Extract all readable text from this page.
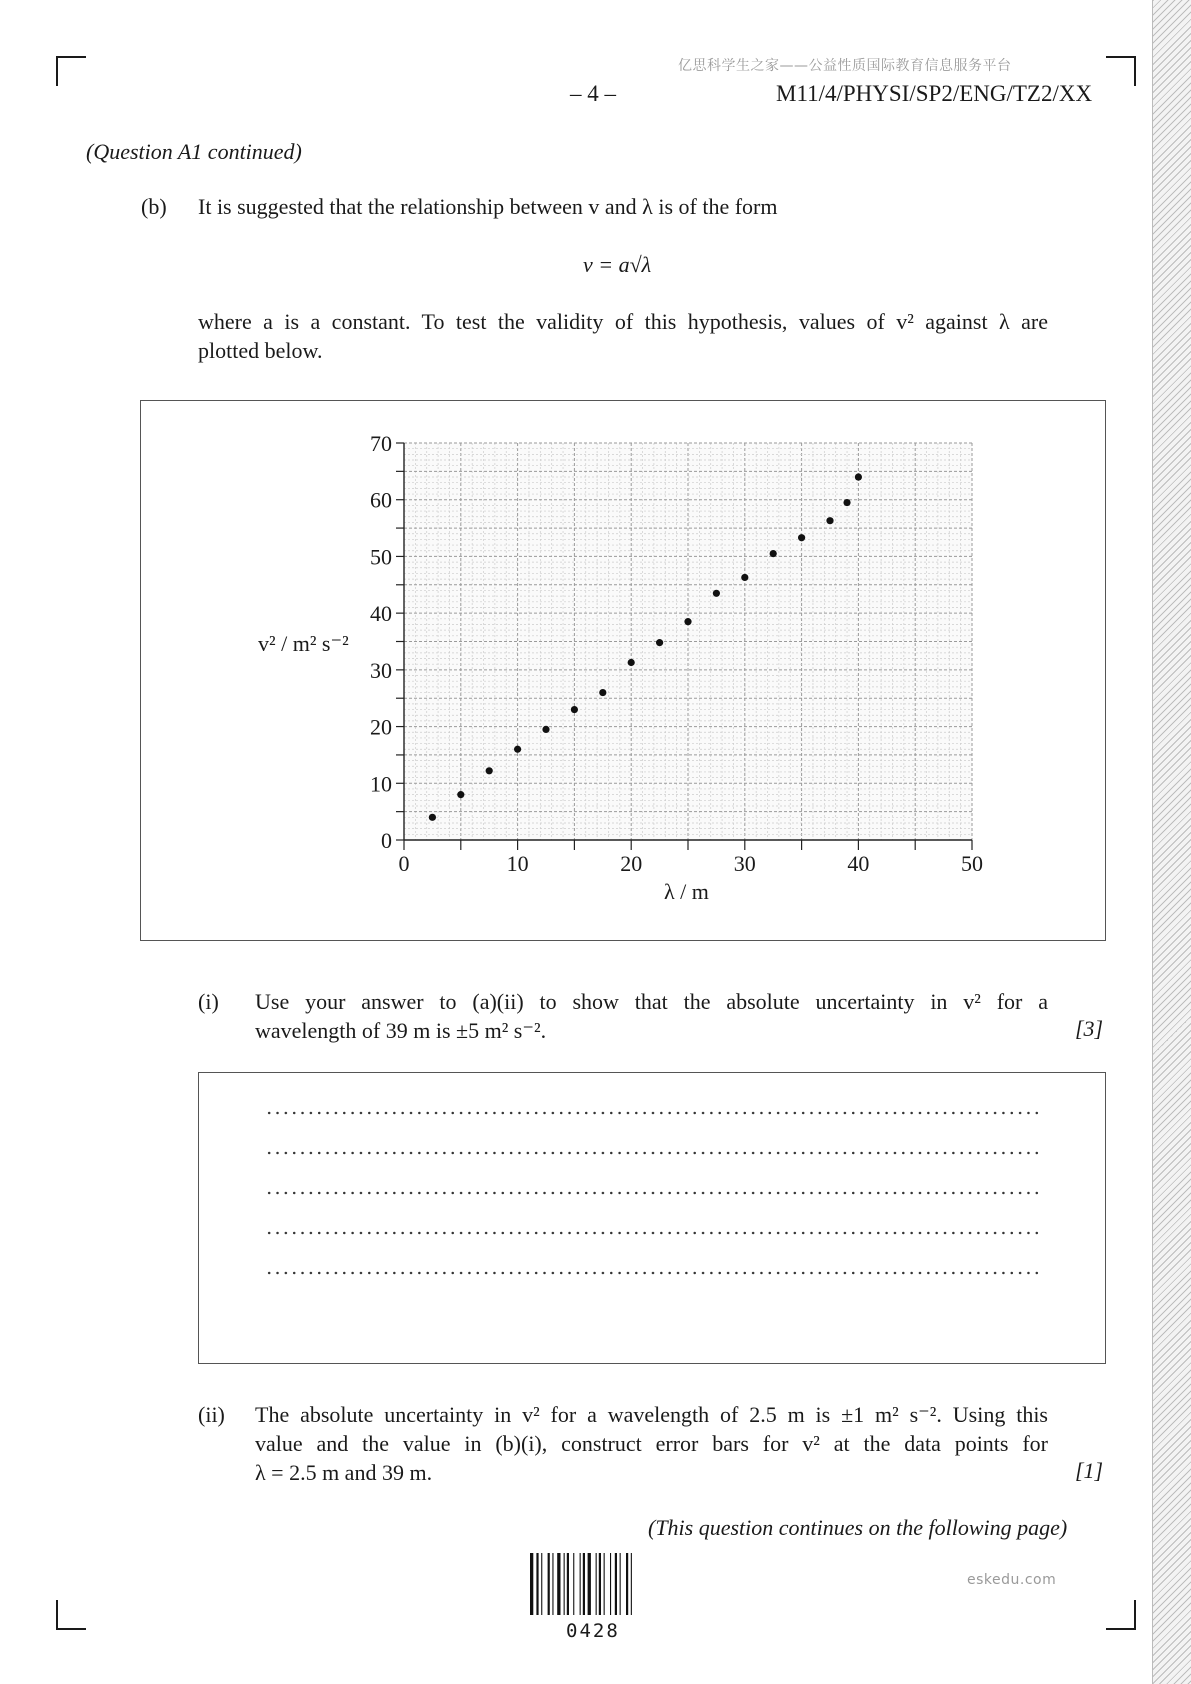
亿思科学生之家——公益性质国际教育信息服务平台
– 4 –	M11/4/PHYSI/SP2/ENG/TZ2/XX
(Question A1 continued)
(b) It is suggested that the relationship between v and λ is of the form
v = a√λ
where a is a constant. To test the validity of this hypothesis, values of v² against λ are
plotted below.
v² / m² s⁻²
λ / m
0	10	20	30	40	50
0
10
20
30
40
50
60
70
(i) Use your answer to (a)(ii) to show that the absolute uncertainty in v² for a
wavelength of 39 m is ±5 m² s⁻².	[3]
(ii) The absolute uncertainty in v² for a wavelength of 2.5 m is ±1 m² s⁻². Using this
value and the value in (b)(i), construct error bars for v² at the data points for
λ = 2.5 m and 39 m.	[1]
(This question continues on the following page)
0428
eskedu.com
